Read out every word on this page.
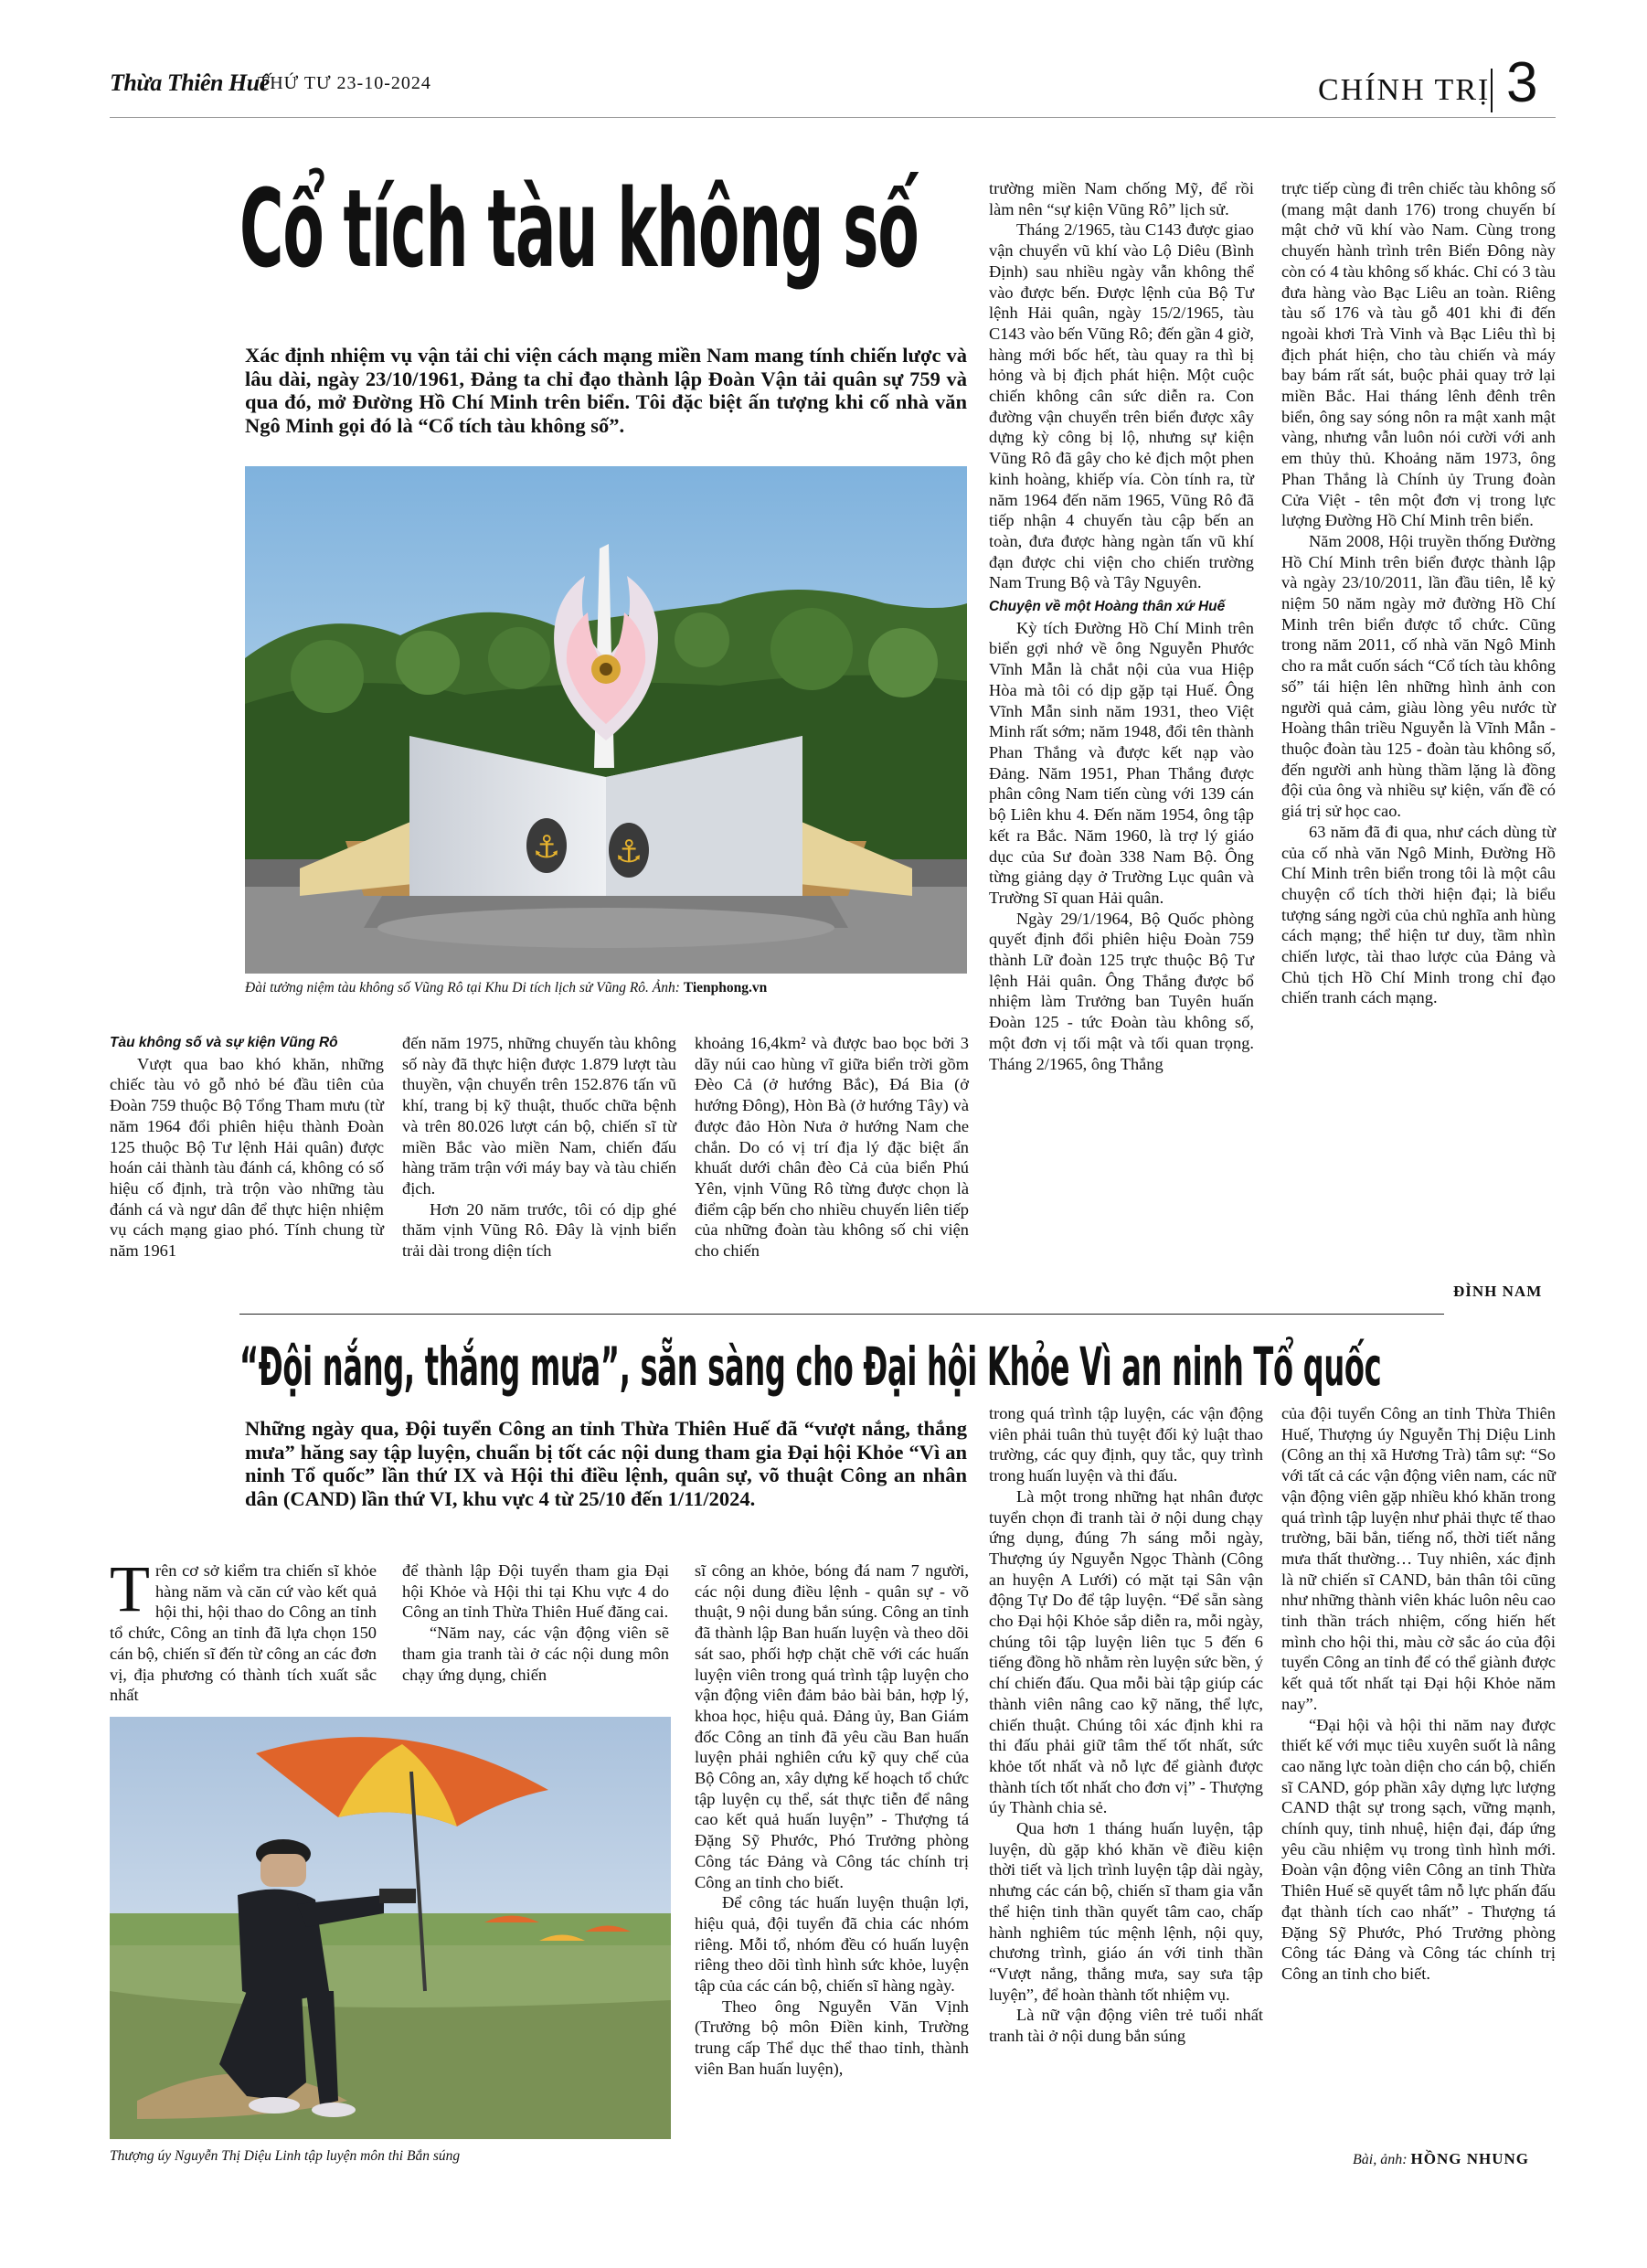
Thừa Thiên Huế
THỨ TƯ 23-10-2024	CHÍNH TRỊ 3
Cổ tích tàu không số
Xác định nhiệm vụ vận tải chi viện cách mạng miền Nam mang tính chiến lược và lâu dài, ngày 23/10/1961, Đảng ta chỉ đạo thành lập Đoàn Vận tải quân sự 759 và qua đó, mở Đường Hồ Chí Minh trên biển. Tôi đặc biệt ấn tượng khi cố nhà văn Ngô Minh gọi đó là “Cổ tích tàu không số”.
⚓ ⚓
Đài tưởng niệm tàu không số Vũng Rô tại Khu Di tích lịch sử Vũng Rô. Ảnh: Tienphong.vn

Tàu không số và sự kiện Vũng Rô

Vượt qua bao khó khăn, những chiếc tàu vỏ gỗ nhỏ bé đầu tiên của Đoàn 759 thuộc Bộ Tổng Tham mưu (từ năm 1964 đổi phiên hiệu thành Đoàn 125 thuộc Bộ Tư lệnh Hải quân) được hoán cải thành tàu đánh cá, không có số hiệu cố định, trà trộn vào những tàu đánh cá và ngư dân để thực hiện nhiệm vụ cách mạng giao phó. Tính chung từ năm 1961

đến năm 1975, những chuyến tàu không số này đã thực hiện được 1.879 lượt tàu thuyền, vận chuyển trên 152.876 tấn vũ khí, trang bị kỹ thuật, thuốc chữa bệnh và trên 80.026 lượt cán bộ, chiến sĩ từ miền Bắc vào miền Nam, chiến đấu hàng trăm trận với máy bay và tàu chiến địch.

Hơn 20 năm trước, tôi có dịp ghé thăm vịnh Vũng Rô. Đây là vịnh biển trải dài trong diện tích

khoảng 16,4km² và được bao bọc bởi 3 dãy núi cao hùng vĩ giữa biển trời gồm Đèo Cả (ở hướng Bắc), Đá Bia (ở hướng Đông), Hòn Bà (ở hướng Tây) và được đảo Hòn Nưa ở hướng Nam che chắn. Do có vị trí địa lý đặc biệt ẩn khuất dưới chân đèo Cả của biển Phú Yên, vịnh Vũng Rô từng được chọn là điểm cập bến cho nhiều chuyến liên tiếp của những đoàn tàu không số chi viện cho chiến

trường miền Nam chống Mỹ, để rồi làm nên “sự kiện Vũng Rô” lịch sử.

Tháng 2/1965, tàu C143 được giao vận chuyển vũ khí vào Lộ Diêu (Bình Định) sau nhiều ngày vẫn không thể vào được bến. Được lệnh của Bộ Tư lệnh Hải quân, ngày 15/2/1965, tàu C143 vào bến Vũng Rô; đến gần 4 giờ, hàng mới bốc hết, tàu quay ra thì bị hỏng và bị địch phát hiện. Một cuộc chiến không cân sức diễn ra. Con đường vận chuyển trên biển được xây dựng kỳ công bị lộ, nhưng sự kiện Vũng Rô đã gây cho kẻ địch một phen kinh hoàng, khiếp vía. Còn tính ra, từ năm 1964 đến năm 1965, Vũng Rô đã tiếp nhận 4 chuyến tàu cập bến an toàn, đưa được hàng ngàn tấn vũ khí đạn được chi viện cho chiến trường Nam Trung Bộ và Tây Nguyên.

Chuyện về một Hoàng thân xứ Huế

Kỳ tích Đường Hồ Chí Minh trên biển gợi nhớ về ông Nguyễn Phước Vĩnh Mẫn là chắt nội của vua Hiệp Hòa mà tôi có dịp gặp tại Huế. Ông Vĩnh Mẫn sinh năm 1931, theo Việt Minh rất sớm; năm 1948, đổi tên thành Phan Thắng và được kết nạp vào Đảng. Năm 1951, Phan Thắng được phân công Nam tiến cùng với 139 cán bộ Liên khu 4. Đến năm 1954, ông tập kết ra Bắc. Năm 1960, là trợ lý giáo dục của Sư đoàn 338 Nam Bộ. Ông từng giảng dạy ở Trường Lục quân và Trường Sĩ quan Hải quân.

Ngày 29/1/1964, Bộ Quốc phòng quyết định đổi phiên hiệu Đoàn 759 thành Lữ đoàn 125 trực thuộc Bộ Tư lệnh Hải quân. Ông Thắng được bổ nhiệm làm Trưởng ban Tuyên huấn Đoàn 125 - tức Đoàn tàu không số, một đơn vị tối mật và tối quan trọng. Tháng 2/1965, ông Thắng

trực tiếp cùng đi trên chiếc tàu không số (mang mật danh 176) trong chuyến bí mật chở vũ khí vào Nam. Cùng trong chuyến hành trình trên Biển Đông này còn có 4 tàu không số khác. Chỉ có 3 tàu đưa hàng vào Bạc Liêu an toàn. Riêng tàu số 176 và tàu gỗ 401 khi đi đến ngoài khơi Trà Vinh và Bạc Liêu thì bị địch phát hiện, cho tàu chiến và máy bay bám rất sát, buộc phải quay trở lại miền Bắc. Hai tháng lênh đênh trên biển, ông say sóng nôn ra mật xanh mật vàng, nhưng vẫn luôn nói cười với anh em thủy thủ. Khoảng năm 1973, ông Phan Thắng là Chính ủy Trung đoàn Cửa Việt - tên một đơn vị trong lực lượng Đường Hồ Chí Minh trên biển.

Năm 2008, Hội truyền thống Đường Hồ Chí Minh trên biển được thành lập và ngày 23/10/2011, lần đầu tiên, lễ kỷ niệm 50 năm ngày mở đường Hồ Chí Minh trên biển được tổ chức. Cũng trong năm 2011, cố nhà văn Ngô Minh cho ra mắt cuốn sách “Cổ tích tàu không số” tái hiện lên những hình ảnh con người quả cảm, giàu lòng yêu nước từ Hoàng thân triều Nguyễn là Vĩnh Mẫn - thuộc đoàn tàu 125 - đoàn tàu không số, đến người anh hùng thầm lặng là đồng đội của ông và nhiều sự kiện, vấn đề có giá trị sử học cao.

63 năm đã đi qua, như cách dùng từ của cố nhà văn Ngô Minh, Đường Hồ Chí Minh trên biển trong tôi là một câu chuyện cổ tích thời hiện đại; là biểu tượng sáng ngời của chủ nghĩa anh hùng cách mạng; thể hiện tư duy, tầm nhìn chiến lược, tài thao lược của Đảng và Chủ tịch Hồ Chí Minh trong chỉ đạo chiến tranh cách mạng.

ĐÌNH NAM
“Đội nắng, thắng mưa”, sẵn sàng cho Đại hội Khỏe Vì an ninh Tổ quốc
Những ngày qua, Đội tuyển Công an tỉnh Thừa Thiên Huế đã “vượt nắng, thắng mưa” hăng say tập luyện, chuẩn bị tốt các nội dung tham gia Đại hội Khỏe “Vì an ninh Tổ quốc” lần thứ IX và Hội thi điều lệnh, quân sự, võ thuật Công an nhân dân (CAND) lần thứ VI, khu vực 4 từ 25/10 đến 1/11/2024.

Trên cơ sở kiểm tra chiến sĩ khỏe hàng năm và căn cứ vào kết quả hội thi, hội thao do Công an tỉnh tổ chức, Công an tỉnh đã lựa chọn 150 cán bộ, chiến sĩ đến từ công an các đơn vị, địa phương có thành tích xuất sắc nhất

để thành lập Đội tuyển tham gia Đại hội Khỏe và Hội thi tại Khu vực 4 do Công an tỉnh Thừa Thiên Huế đăng cai.

“Năm nay, các vận động viên sẽ tham gia tranh tài ở các nội dung môn chạy ứng dụng, chiến

Thượng úy Nguyễn Thị Diệu Linh tập luyện môn thi Bắn súng

sĩ công an khỏe, bóng đá nam 7 người, các nội dung điều lệnh - quân sự - võ thuật, 9 nội dung bắn súng. Công an tỉnh đã thành lập Ban huấn luyện và theo dõi sát sao, phối hợp chặt chẽ với các huấn luyện viên trong quá trình tập luyện cho vận động viên đảm bảo bài bản, hợp lý, khoa học, hiệu quả. Đảng ủy, Ban Giám đốc Công an tỉnh đã yêu cầu Ban huấn luyện phải nghiên cứu kỹ quy chế của Bộ Công an, xây dựng kế hoạch tổ chức tập luyện cụ thể, sát thực tiễn để nâng cao kết quả huấn luyện” - Thượng tá Đặng Sỹ Phước, Phó Trưởng phòng Công tác Đảng và Công tác chính trị Công an tỉnh cho biết.

Để công tác huấn luyện thuận lợi, hiệu quả, đội tuyển đã chia các nhóm riêng. Mỗi tổ, nhóm đều có huấn luyện riêng theo dõi tình hình sức khỏe, luyện tập của các cán bộ, chiến sĩ hàng ngày.

Theo ông Nguyễn Văn Vịnh (Trưởng bộ môn Điền kinh, Trường trung cấp Thể dục thể thao tỉnh, thành viên Ban huấn luyện),

trong quá trình tập luyện, các vận động viên phải tuân thủ tuyệt đối kỷ luật thao trường, các quy định, quy tắc, quy trình trong huấn luyện và thi đấu.

Là một trong những hạt nhân được tuyển chọn đi tranh tài ở nội dung chạy ứng dụng, đúng 7h sáng mỗi ngày, Thượng úy Nguyễn Ngọc Thành (Công an huyện A Lưới) có mặt tại Sân vận động Tự Do để tập luyện. “Để sẵn sàng cho Đại hội Khỏe sắp diễn ra, mỗi ngày, chúng tôi tập luyện liên tục 5 đến 6 tiếng đồng hồ nhằm rèn luyện sức bền, ý chí chiến đấu. Qua mỗi bài tập giúp các thành viên nâng cao kỹ năng, thể lực, chiến thuật. Chúng tôi xác định khi ra thi đấu phải giữ tâm thế tốt nhất, sức khỏe tốt nhất và nỗ lực để giành được thành tích tốt nhất cho đơn vị” - Thượng úy Thành chia sẻ.

Qua hơn 1 tháng huấn luyện, tập luyện, dù gặp khó khăn về điều kiện thời tiết và lịch trình luyện tập dài ngày, nhưng các cán bộ, chiến sĩ tham gia vẫn thể hiện tinh thần quyết tâm cao, chấp hành nghiêm túc mệnh lệnh, nội quy, chương trình, giáo án với tinh thần “Vượt nắng, thắng mưa, say sưa tập luyện”, để hoàn thành tốt nhiệm vụ.

Là nữ vận động viên trẻ tuổi nhất tranh tài ở nội dung bắn súng

của đội tuyển Công an tỉnh Thừa Thiên Huế, Thượng úy Nguyễn Thị Diệu Linh (Công an thị xã Hương Trà) tâm sự: “So với tất cả các vận động viên nam, các nữ vận động viên gặp nhiều khó khăn trong quá trình tập luyện như phải thực tế thao trường, bãi bắn, tiếng nổ, thời tiết nắng mưa thất thường… Tuy nhiên, xác định là nữ chiến sĩ CAND, bản thân tôi cũng như những thành viên khác luôn nêu cao tinh thần trách nhiệm, cống hiến hết mình cho hội thi, màu cờ sắc áo của đội tuyển Công an tỉnh để có thể giành được kết quả tốt nhất tại Đại hội Khỏe năm nay”.

“Đại hội và hội thi năm nay được thiết kế với mục tiêu xuyên suốt là nâng cao năng lực toàn diện cho cán bộ, chiến sĩ CAND, góp phần xây dựng lực lượng CAND thật sự trong sạch, vững mạnh, chính quy, tinh nhuệ, hiện đại, đáp ứng yêu cầu nhiệm vụ trong tình hình mới. Đoàn vận động viên Công an tỉnh Thừa Thiên Huế sẽ quyết tâm nỗ lực phấn đấu đạt thành tích cao nhất” - Thượng tá Đặng Sỹ Phước, Phó Trưởng phòng Công tác Đảng và Công tác chính trị Công an tỉnh cho biết.

Bài, ảnh: HỒNG NHUNG
